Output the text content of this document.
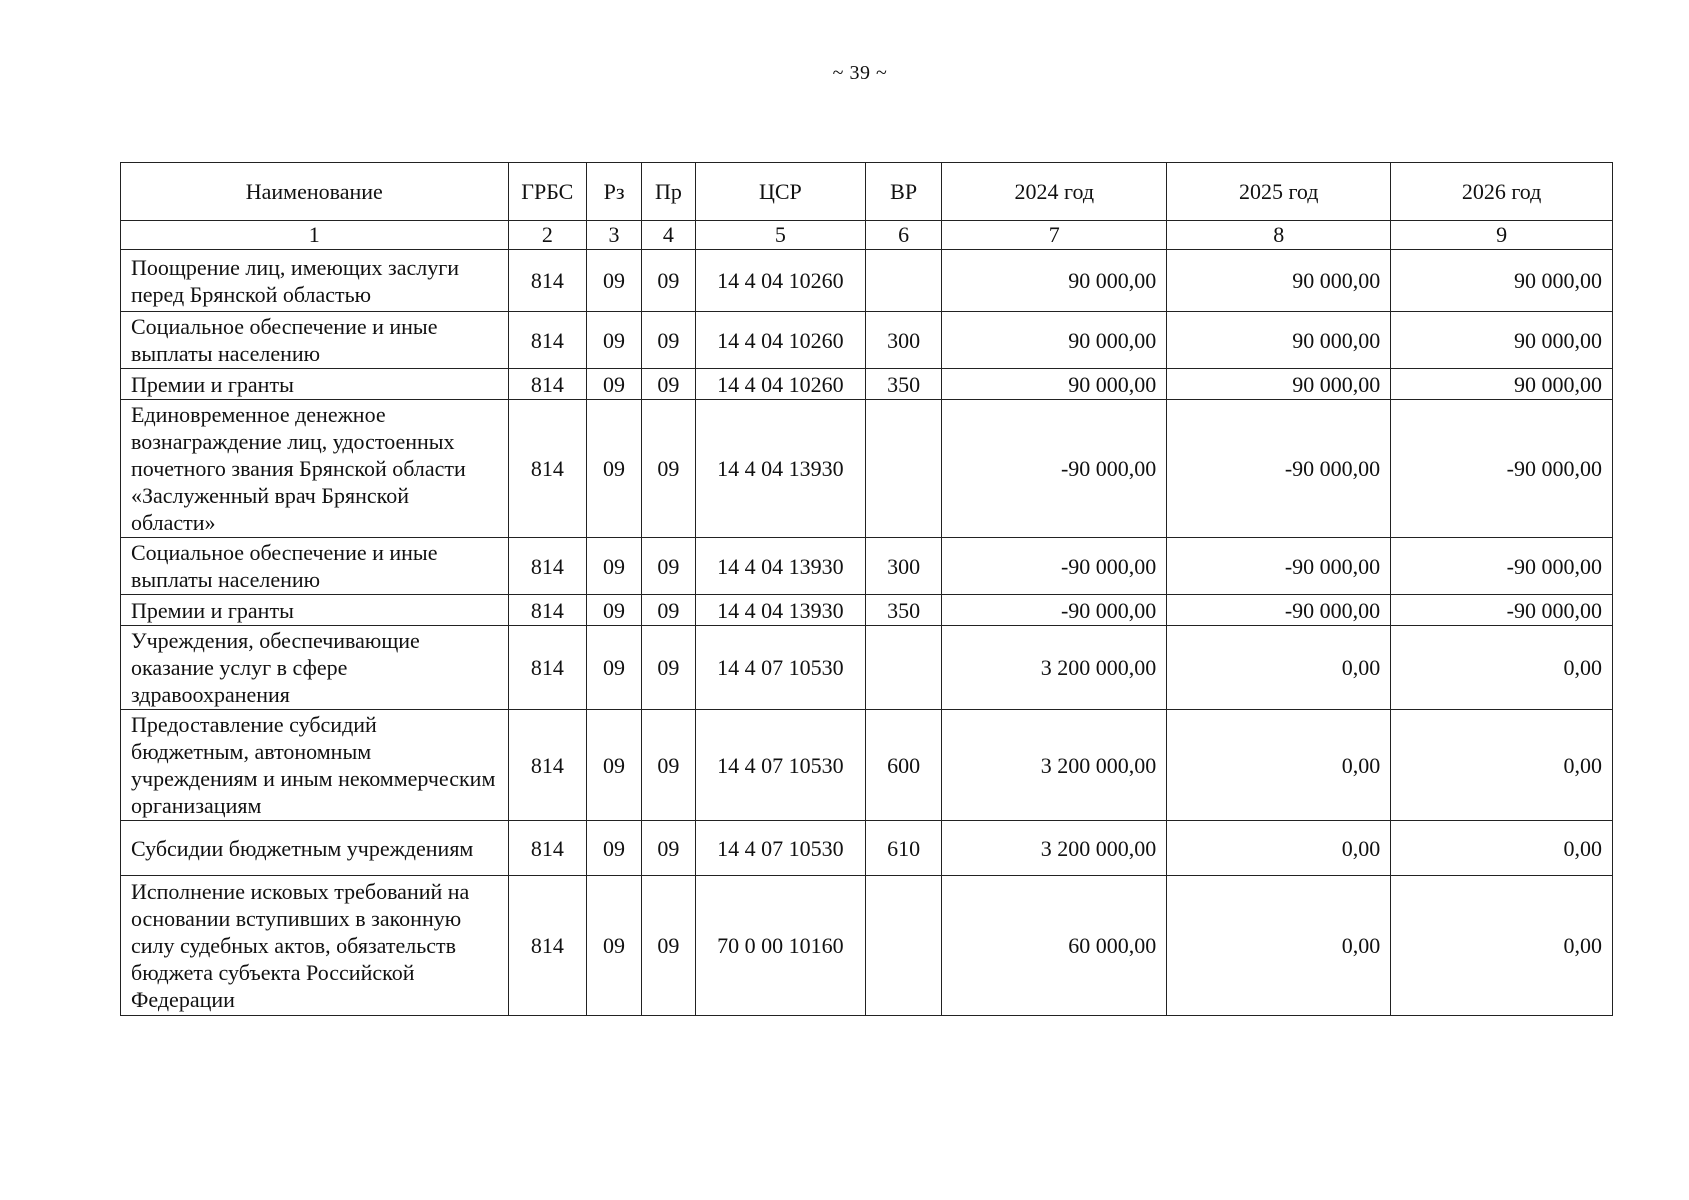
~ 39 ~
Наименование	ГРБС	Рз	Пр	ЦСР	ВР	2024 год	2025 год	2026 год
1	2	3	4	5	6	7	8	9
Поощрение лиц, имеющих заслуги перед Брянской областью	814	09	09	14 4 04 10260		90 000,00	90 000,00	90 000,00
Социальное обеспечение и иные выплаты населению	814	09	09	14 4 04 10260	300	90 000,00	90 000,00	90 000,00
Премии и гранты	814	09	09	14 4 04 10260	350	90 000,00	90 000,00	90 000,00
Единовременное денежное вознаграждение лиц, удостоенных почетного звания Брянской области «Заслуженный врач Брянской области»	814	09	09	14 4 04 13930		-90 000,00	-90 000,00	-90 000,00
Социальное обеспечение и иные выплаты населению	814	09	09	14 4 04 13930	300	-90 000,00	-90 000,00	-90 000,00
Премии и гранты	814	09	09	14 4 04 13930	350	-90 000,00	-90 000,00	-90 000,00
Учреждения, обеспечивающие оказание услуг в сфере здравоохранения	814	09	09	14 4 07 10530		3 200 000,00	0,00	0,00
Предоставление субсидий бюджетным, автономным учреждениям и иным некоммерческим организациям	814	09	09	14 4 07 10530	600	3 200 000,00	0,00	0,00
Субсидии бюджетным учреждениям	814	09	09	14 4 07 10530	610	3 200 000,00	0,00	0,00
Исполнение исковых требований на основании вступивших в законную силу судебных актов, обязательств бюджета субъекта Российской Федерации	814	09	09	70 0 00 10160		60 000,00	0,00	0,00
